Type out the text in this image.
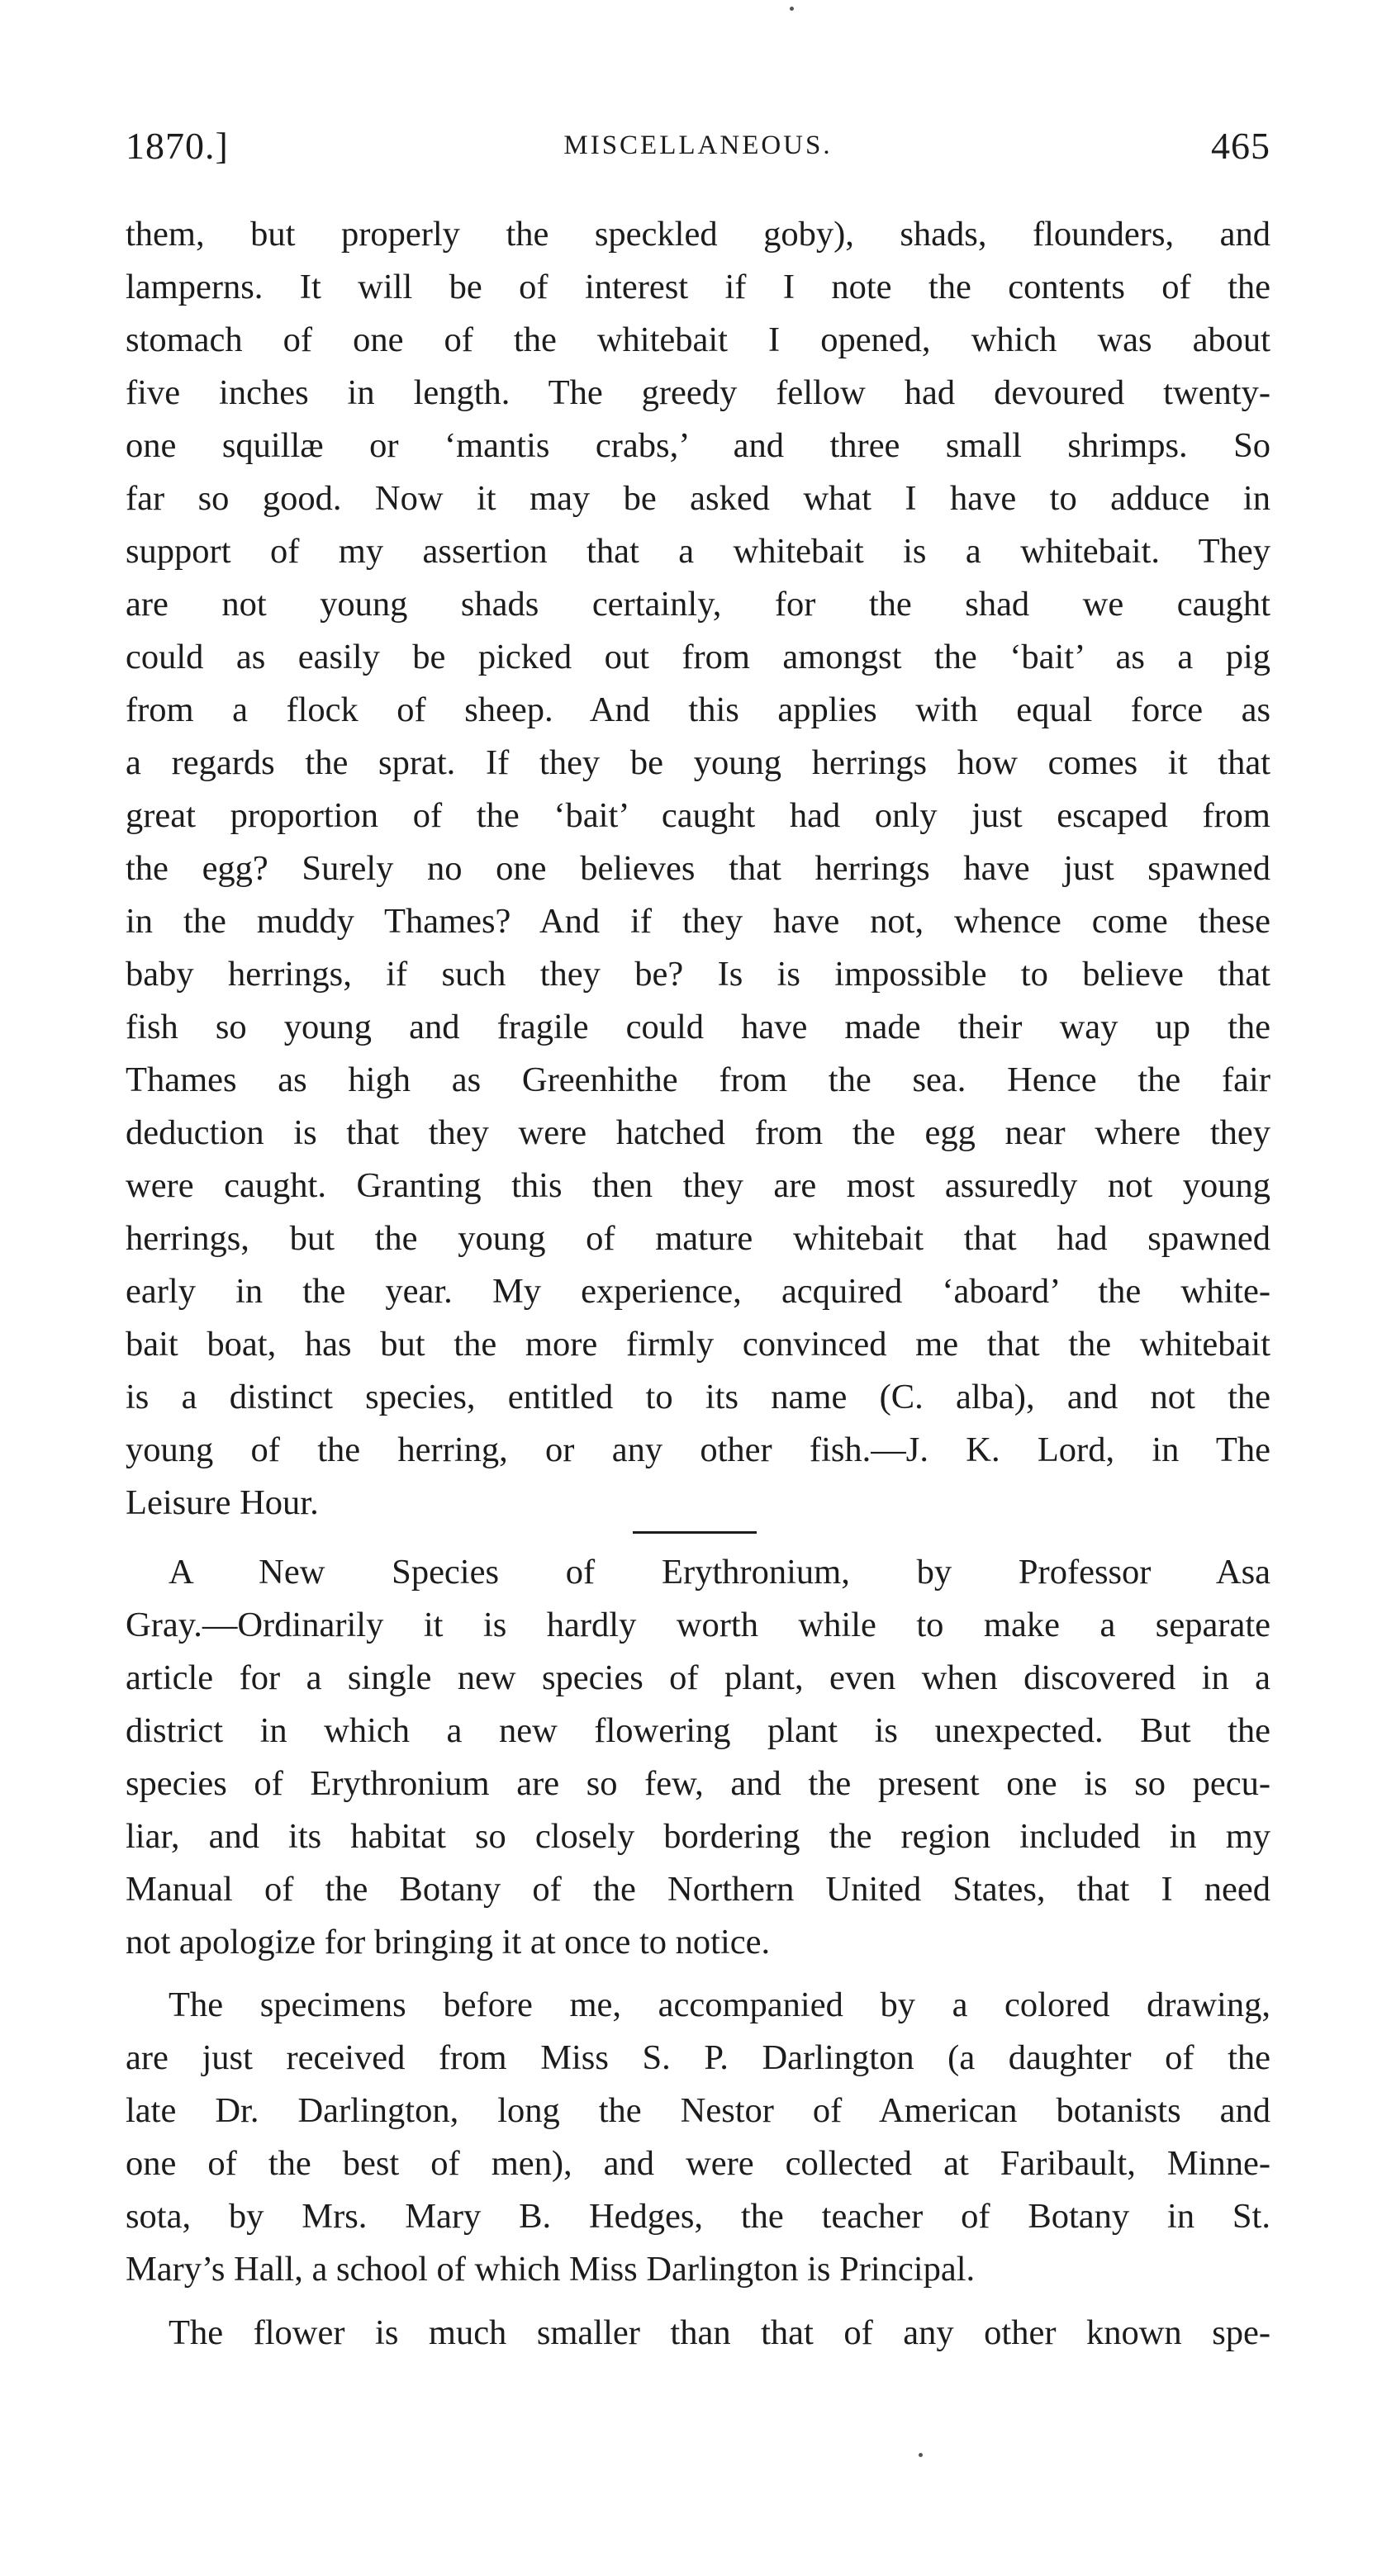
1870.]	MISCELLANEOUS.	465
them, but properly the speckled goby), shads, flounders, and
lamperns. It will be of interest if I note the contents of the
stomach of one of the whitebait I opened, which was about
five inches in length. The greedy fellow had devoured twenty-
one squillæ or ‘mantis crabs,’ and three small shrimps. So
far so good. Now it may be asked what I have to adduce in
support of my assertion that a whitebait is a whitebait. They
are not young shads certainly, for the shad we caught
could as easily be picked out from amongst the ‘bait’ as a pig
from a flock of sheep. And this applies with equal force as
a regards the sprat. If they be young herrings how comes it that
great proportion of the ‘bait’ caught had only just escaped from
the egg? Surely no one believes that herrings have just spawned
in the muddy Thames? And if they have not, whence come these
baby herrings, if such they be? Is is impossible to believe that
fish so young and fragile could have made their way up the
Thames as high as Greenhithe from the sea. Hence the fair
deduction is that they were hatched from the egg near where they
were caught. Granting this then they are most assuredly not young
herrings, but the young of mature whitebait that had spawned
early in the year. My experience, acquired ‘aboard’ the white-
bait boat, has but the more firmly convinced me that the whitebait
is a distinct species, entitled to its name (C. alba), and not the
young of the herring, or any other fish.—J. K. Lord, in The
Leisure Hour.
A New Species of Erythronium, by Professor Asa
Gray.—Ordinarily it is hardly worth while to make a separate
article for a single new species of plant, even when discovered in a
district in which a new flowering plant is unexpected. But the
species of Erythronium are so few, and the present one is so pecu-
liar, and its habitat so closely bordering the region included in my
Manual of the Botany of the Northern United States, that I need
not apologize for bringing it at once to notice.
The specimens before me, accompanied by a colored drawing,
are just received from Miss S. P. Darlington (a daughter of the
late Dr. Darlington, long the Nestor of American botanists and
one of the best of men), and were collected at Faribault, Minne-
sota, by Mrs. Mary B. Hedges, the teacher of Botany in St.
Mary’s Hall, a school of which Miss Darlington is Principal.
The flower is much smaller than that of any other known spe-
